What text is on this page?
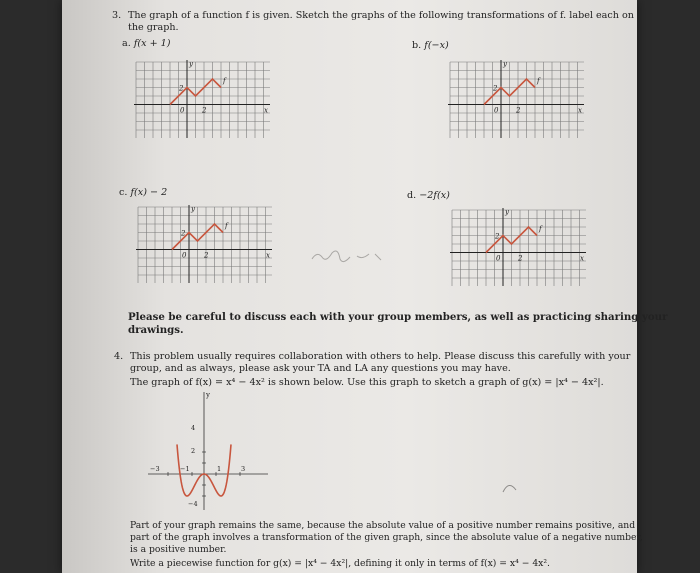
3. The graph of a function f is given. Sketch the graphs of the following transformations of f. label each on
the graph.
a. f(x + 1)	b. f(−x)
c. f(x) − 2	d. −2f(x)
y
2
0	2
f
x
y
2
0	2
f
x
y
2
0	2
f
x
y
2
0	2
f
x
Please be careful to discuss each with your group members, as well as practicing sharing your
drawings.
4. This problem usually requires collaboration with others to help. Please discuss this carefully with your
group, and as always, please ask your TA and LA any questions you may have.
The graph of f(x) = x⁴ − 4x² is shown below. Use this graph to sketch a graph of g(x) = |x⁴ − 4x²|.
y
4
2
−4
−3	−1	1	3
Part of your graph remains the same, because the absolute value of a positive number remains positive, and
part of the graph involves a transformation of the given graph, since the absolute value of a negative number,
is a positive number.
Write a piecewise function for g(x) = |x⁴ − 4x²|, defining it only in terms of f(x) = x⁴ − 4x².
